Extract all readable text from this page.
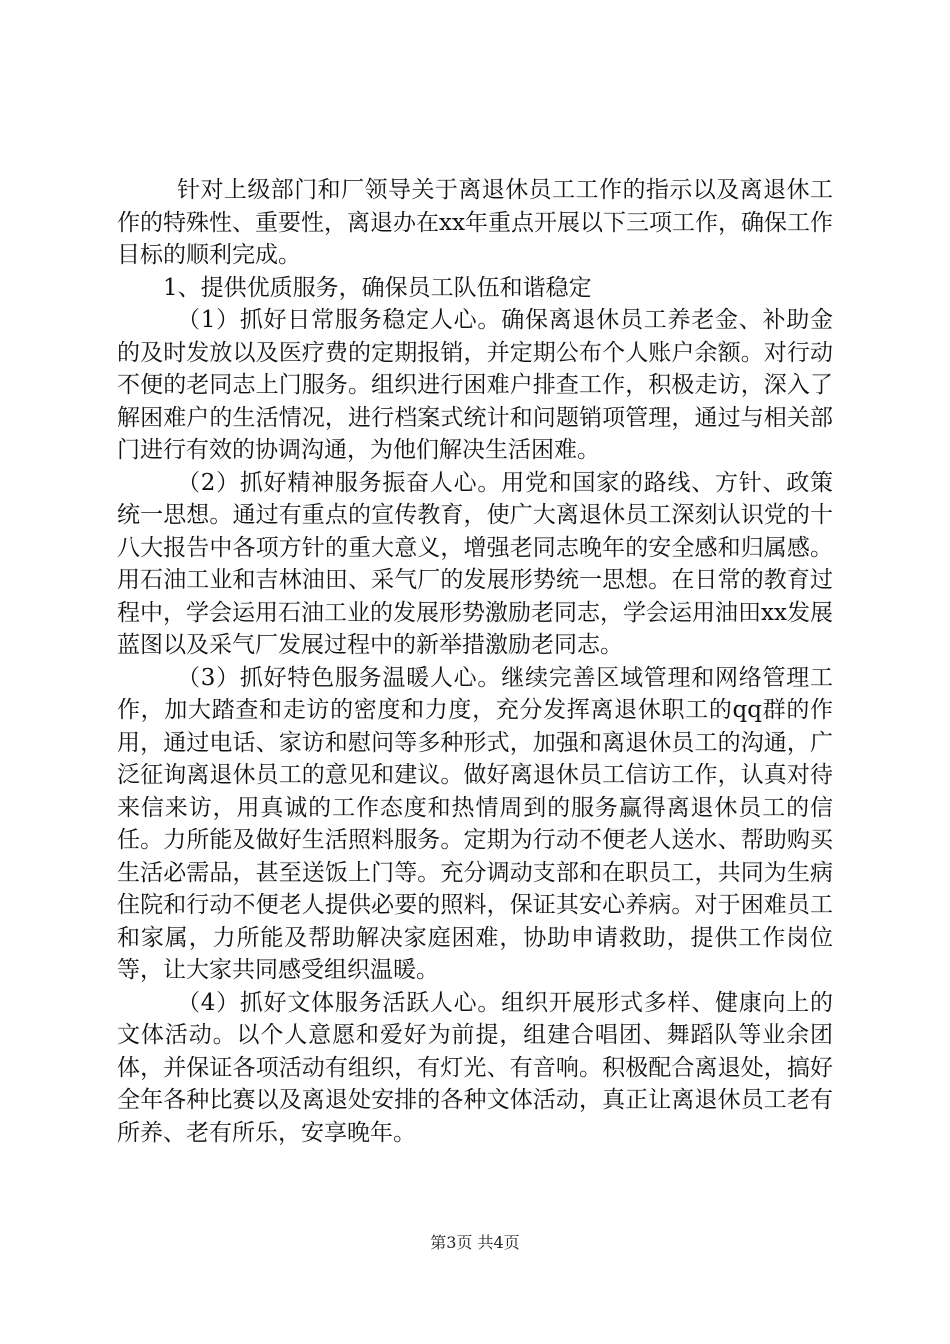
针对上级部门和厂领导关于离退休员工工作的指示以及离退休工作的特殊性、重要性，离退办在xx年重点开展以下三项工作，确保工作目标的顺利完成。

1、提供优质服务，确保员工队伍和谐稳定

（1）抓好日常服务稳定人心。确保离退休员工养老金、补助金的及时发放以及医疗费的定期报销，并定期公布个人账户余额。对行动不便的老同志上门服务。组织进行困难户排查工作，积极走访，深入了解困难户的生活情况，进行档案式统计和问题销项管理，通过与相关部门进行有效的协调沟通，为他们解决生活困难。

（2）抓好精神服务振奋人心。用党和国家的路线、方针、政策统一思想。通过有重点的宣传教育，使广大离退休员工深刻认识党的十八大报告中各项方针的重大意义，增强老同志晚年的安全感和归属感。用石油工业和吉林油田、采气厂的发展形势统一思想。在日常的教育过程中，学会运用石油工业的发展形势激励老同志，学会运用油田xx发展蓝图以及采气厂发展过程中的新举措激励老同志。

（3）抓好特色服务温暖人心。继续完善区域管理和网络管理工作，加大踏查和走访的密度和力度，充分发挥离退休职工的qq群的作用，通过电话、家访和慰问等多种形式，加强和离退休员工的沟通，广泛征询离退休员工的意见和建议。做好离退休员工信访工作，认真对待来信来访，用真诚的工作态度和热情周到的服务赢得离退休员工的信任。力所能及做好生活照料服务。定期为行动不便老人送水、帮助购买生活必需品，甚至送饭上门等。充分调动支部和在职员工，共同为生病住院和行动不便老人提供必要的照料，保证其安心养病。对于困难员工和家属，力所能及帮助解决家庭困难，协助申请救助，提供工作岗位等，让大家共同感受组织温暖。

（4）抓好文体服务活跃人心。组织开展形式多样、健康向上的文体活动。以个人意愿和爱好为前提，组建合唱团、舞蹈队等业余团体，并保证各项活动有组织，有灯光、有音响。积极配合离退处，搞好全年各种比赛以及离退处安排的各种文体活动，真正让离退休员工老有所养、老有所乐，安享晚年。

第3页 共4页
